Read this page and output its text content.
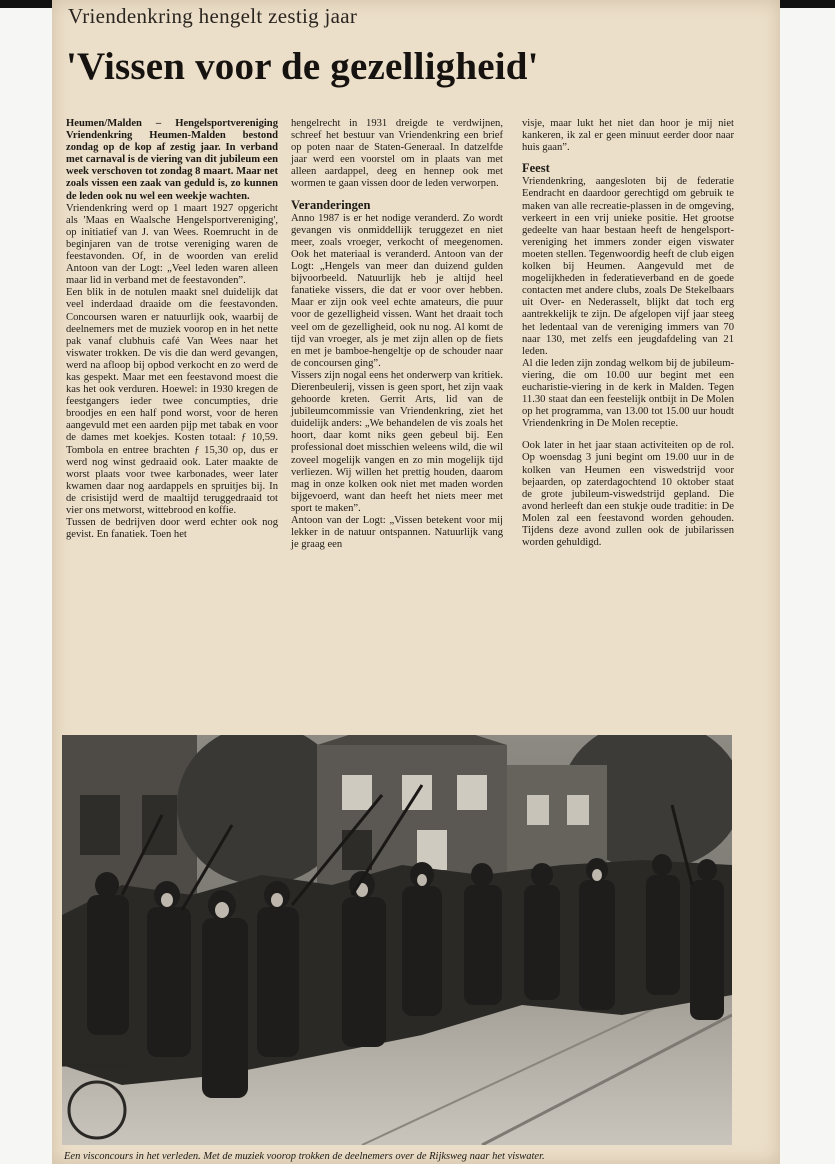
Vriendenkring hengelt zestig jaar
'Vissen voor de gezelligheid'

Heumen/Malden – Hengelsportvereniging Vriendenkring Heumen-Malden bestond zondag op de kop af zestig jaar. In verband met carnaval is de viering van dit jubileum een week verschoven tot zondag 8 maart. Maar net zoals vissen een zaak van geduld is, zo kunnen de leden ook nu wel een weekje wachten.

Vriendenkring werd op 1 maart 1927 opgericht als 'Maas en Waalsche Hengelsportvereniging', op initiatief van J. van Wees. Roemrucht in de beginjaren van de trotse vereniging waren de feestavonden. Of, in de woorden van erelid Antoon van der Logt: „Veel leden waren alleen maar lid in verband met de feestavonden”.

Een blik in de notulen maakt snel duidelijk dat veel inderdaad draaide om die feestavonden. Concoursen waren er natuurlijk ook, waarbij de deelnemers met de muziek voorop en in het nette pak vanaf clubhuis café Van Wees naar het viswater trokken. De vis die dan werd gevangen, werd na afloop bij opbod verkocht en zo werd de kas gespekt. Maar met een feestavond moest die kas het ook verduren. Hoewel: in 1930 kregen de feestgangers ieder twee concumpties, drie broodjes en een half pond worst, voor de heren aangevuld met een aarden pijp met tabak en voor de dames met koekjes. Kosten totaal: ƒ 10,59. Tombola en entree brachten ƒ 15,30 op, dus er werd nog winst gedraaid ook. Later maakte de worst plaats voor twee karbonades, weer later kwamen daar nog aardappels en spruitjes bij. In de crisistijd werd de maaltijd teruggedraaid tot vier ons metworst, wittebrood en koffie.

Tussen de bedrijven door werd echter ook nog gevist. En fanatiek. Toen het

hengelrecht in 1931 dreigde te verdwijnen, schreef het bestuur van Vriendenkring een brief op poten naar de Staten-Generaal. In datzelfde jaar werd een voorstel om in plaats van met alleen aardappel, deeg en hennep ook met wormen te gaan vissen door de leden verworpen.

Veranderingen

Anno 1987 is er het nodige veranderd. Zo wordt gevangen vis onmiddellijk teruggezet en niet meer, zoals vroeger, verkocht of meegenomen. Ook het materiaal is veranderd. Antoon van der Logt: „Hengels van meer dan duizend gulden bijvoorbeeld. Natuurlijk heb je altijd heel fanatieke vissers, die dat er voor over hebben. Maar er zijn ook veel echte amateurs, die puur voor de gezelligheid vissen. Want het draait toch veel om de gezelligheid, ook nu nog. Al komt de tijd van vroeger, als je met zijn allen op de fiets en met je bamboe-hengeltje op de schouder naar de concoursen ging”.

Vissers zijn nogal eens het onderwerp van kritiek. Dierenbeulerij, vissen is geen sport, het zijn vaak gehoorde kreten. Gerrit Arts, lid van de jubileumcommissie van Vriendenkring, ziet het duidelijk anders: „We behandelen de vis zoals het hoort, daar komt niks geen gebeul bij. Een professional doet misschien weleens wild, die wil zoveel mogelijk vangen en zo min mogelijk tijd verliezen. Wij willen het prettig houden, daarom mag in onze kolken ook niet met maden worden bijgevoerd, want dan heeft het niets meer met sport te maken”.

Antoon van der Logt: „Vissen betekent voor mij lekker in de natuur ontspannen. Natuurlijk vang je graag een

visje, maar lukt het niet dan hoor je mij niet kankeren, ik zal er geen minuut eerder door naar huis gaan”.

Feest

Vriendenkring, aangesloten bij de federatie Eendracht en daardoor gerechtigd om gebruik te maken van alle recreatie-plassen in de omgeving, verkeert in een vrij unieke positie. Het grootse gedeelte van haar bestaan heeft de hengelsport-vereniging het immers zonder eigen viswater moeten stellen. Tegenwoordig heeft de club eigen kolken bij Heumen. Aangevuld met de mogelijkheden in federatieverband en de goede contacten met andere clubs, zoals De Stekelbaars uit Over- en Nederasselt, blijkt dat toch erg aantrekkelijk te zijn. De afgelopen vijf jaar steeg het ledentaal van de vereniging immers van 70 naar 130, met zelfs een jeugdafdeling van 21 leden.

Al die leden zijn zondag welkom bij de jubileum-viering, die om 10.00 uur begint met een eucharistie-viering in de kerk in Malden. Tegen 11.30 staat dan een feestelijk ontbijt in De Molen op het programma, van 13.00 tot 15.00 uur houdt Vriendenkring in De Molen receptie.

Ook later in het jaar staan activiteiten op de rol. Op woensdag 3 juni begint om 19.00 uur in de kolken van Heumen een viswedstrijd voor bejaarden, op zaterdagochtend 10 oktober staat de grote jubileum-viswedstrijd gepland. Die avond herleeft dan een stukje oude traditie: in De Molen zal een feestavond worden gehouden. Tijdens deze avond zullen ook de jubilarissen worden gehuldigd.

Een visconcours in het verleden. Met de muziek voorop trokken de deelnemers over de Rijksweg naar het viswater.
